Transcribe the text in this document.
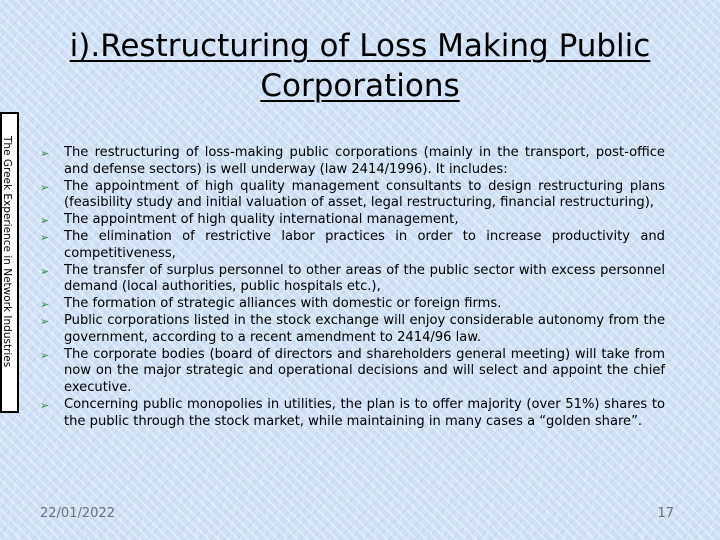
i).Restructuring of Loss Making Public Corporations
The Greek Experience in Network Industries ➢ The restructuring of loss-making public corporations (mainly in the transport, post-office and defense sectors) is well underway (law 2414/1996). It includes:
➢ The appointment of high quality management consultants to design restructuring plans (feasibility study and initial valuation of asset, legal restructuring, financial restructuring),
➢ The appointment of high quality international management,
➢ The elimination of restrictive labor practices in order to increase productivity and competitiveness,
➢ The transfer of surplus personnel to other areas of the public sector with excess personnel demand (local authorities, public hospitals etc.),
➢ The formation of strategic alliances with domestic or foreign firms.
➢ Public corporations listed in the stock exchange will enjoy considerable autonomy from the government, according to a recent amendment to 2414/96 law.
➢ The corporate bodies (board of directors and shareholders general meeting) will take from now on the major strategic and operational decisions and will select and appoint the chief executive.
➢ Concerning public monopolies in utilities, the plan is to offer majority (over 51%) shares to the public through the stock market, while maintaining in many cases a “golden share”.
22/01/2022	17
